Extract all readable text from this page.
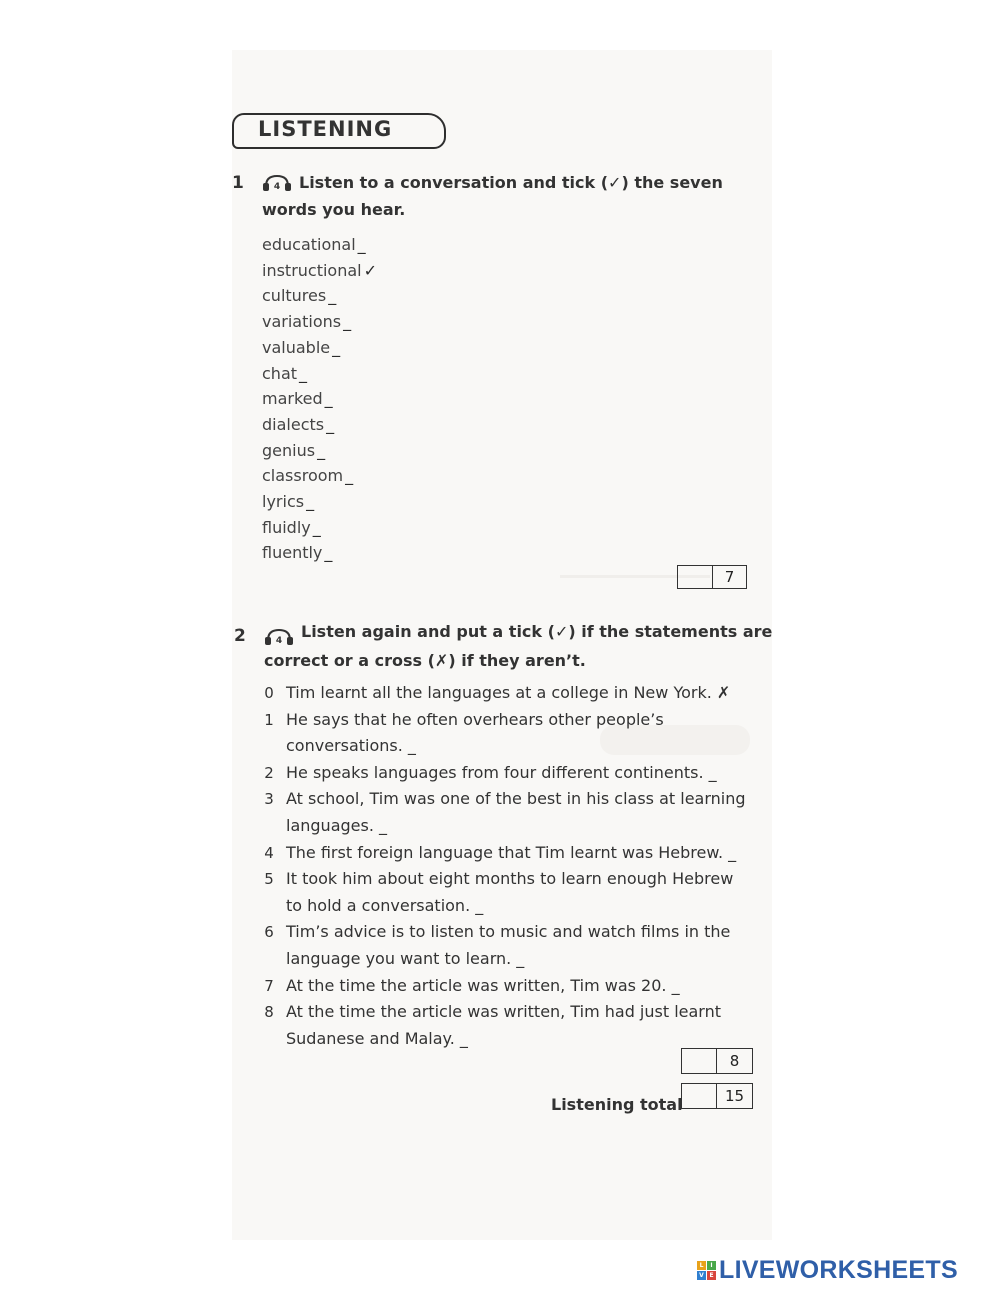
LISTENING
1	4 Listen to a conversation and tick (✓) the seven
words you hear.
educational _
instructional ✓
cultures _
variations _
valuable _
chat _
marked _
dialects _
genius _
classroom _
lyrics _
fluidly _
fluently _
7
2	4 Listen again and put a tick (✓) if the statements are
correct or a cross (✗) if they aren’t.
0 Tim learnt all the languages at a college in New York. ✗
1 He says that he often overhears other people’s
conversations. _
2 He speaks languages from four different continents. _
3 At school, Tim was one of the best in his class at learning
languages. _
4 The first foreign language that Tim learnt was Hebrew. _
5 It took him about eight months to learn enough Hebrew
to hold a conversation. _
6 Tim’s advice is to listen to music and watch films in the
language you want to learn. _
7 At the time the article was written, Tim was 20. _
8 At the time the article was written, Tim had just learnt
Sudanese and Malay. _
8
Listening total	15
L	I
V E LIVEWORKSHEETS
